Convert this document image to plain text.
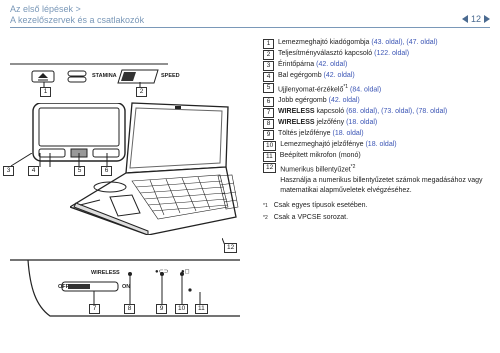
Az első lépések >
A kezelőszervek és a csatlakozók	12
STAMINA	SPEED
1	2
3	4	5	6
12
WIRELESS	●⊂⊃ ●◻
OFF	ON
7	8	9	10	11
1	Lemezmeghajtó kiadógombja (43. oldal), (47. oldal)
2	Teljesítményválasztó kapcsoló (122. oldal)
3	Érintőpárna (42. oldal)
4	Bal egérgomb (42. oldal)
5	Ujjlenyomat-érzékelő$^{*1}$ (84. oldal)
6	Jobb egérgomb (42. oldal)
7	WIRELESS kapcsoló (68. oldal), (73. oldal), (78. oldal)
8	WIRELESS jelzőfény (18. oldal)
9	Töltés jelzőfénye (18. oldal)
10	Lemezmeghajtó jelzőfénye (18. oldal)
11	Beépített mikrofon (monó)
12	Numerikus billentyűzet$^{*2}$
Használja a numerikus billentyűzetet számok megadásához vagy matematikai alapműveletek elvégzéséhez.
*1 Csak egyes típusok esetében.
*2 Csak a VPCSE sorozat.
